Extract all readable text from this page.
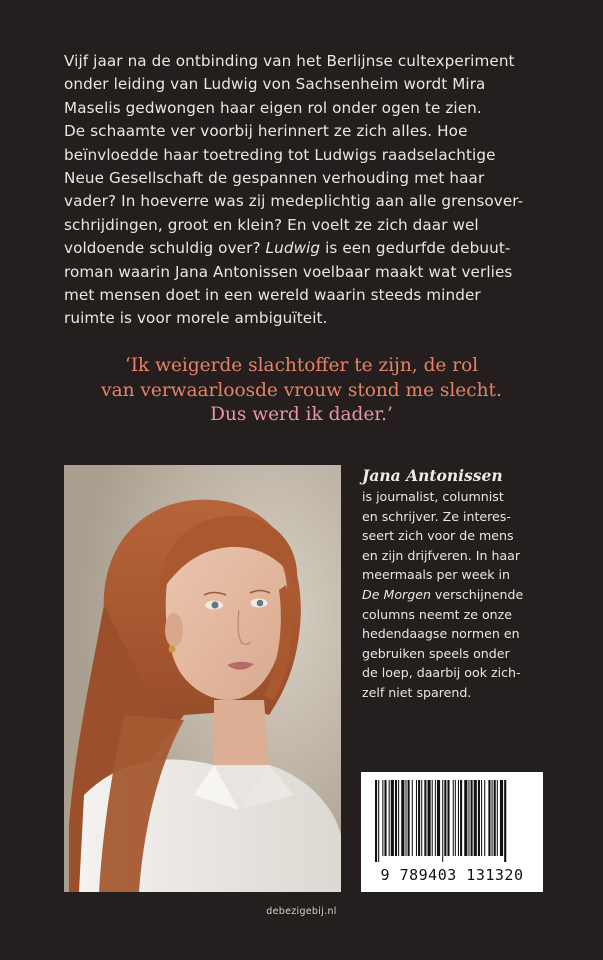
Vijf jaar na de ontbinding van het Berlijnse cultexperiment
onder leiding van Ludwig von Sachsenheim wordt Mira
Maselis gedwongen haar eigen rol onder ogen te zien.
De schaamte ver voorbij herinnert ze zich alles. Hoe
beïnvloedde haar toetreding tot Ludwigs raadselachtige
Neue Gesellschaft de gespannen verhouding met haar
vader? In hoeverre was zij medeplichtig aan alle grensover-
schrijdingen, groot en klein? En voelt ze zich daar wel
voldoende schuldig over? Ludwig is een gedurfde debuut-
roman waarin Jana Antonissen voelbaar maakt wat verlies
met mensen doet in een wereld waarin steeds minder
ruimte is voor morele ambiguïteit.

‘Ik weigerde slachtoffer te zijn, de rol
van verwaarloosde vrouw stond me slecht.
Dus werd ik dader.’
Jana Antonissen
is journalist, columnist
en schrijver. Ze interes-
seert zich voor de mens
en zijn drijfveren. In haar
meermaals per week in
De Morgen verschijnende
columns neemt ze onze
hedendaagse normen en
gebruiken speels onder
de loep, daarbij ook zich-
zelf niet sparend.
9 789403 131320
debezigebij.nl
